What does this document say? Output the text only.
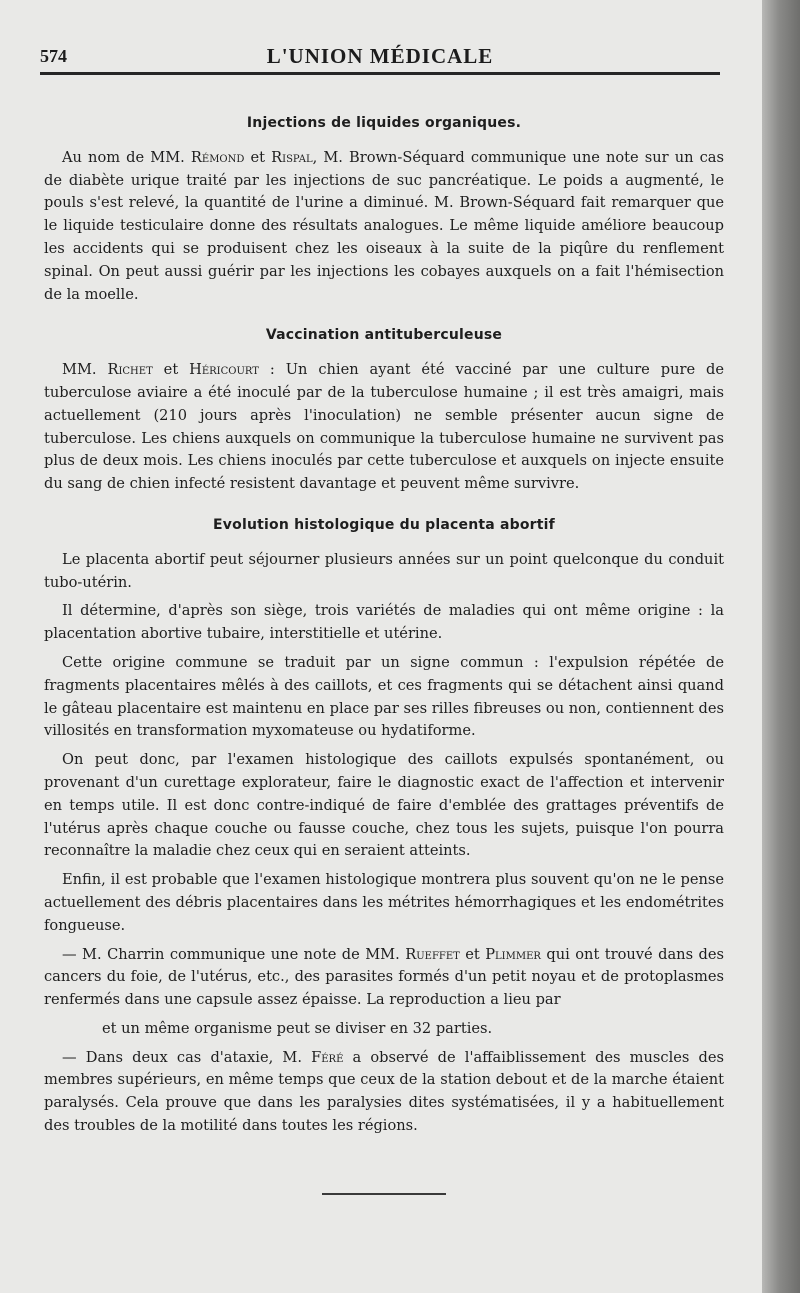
574	L'UNION MÉDICALE
Injections de liquides organiques.

Au nom de MM. Rémond et Rispal, M. Brown-Séquard communique une note sur un cas de diabète urique traité par les injections de suc pancréatique. Le poids a augmenté, le pouls s'est relevé, la quantité de l'urine a diminué. M. Brown-Séquard fait remarquer que le liquide testiculaire donne des résultats analogues. Le même liquide améliore beaucoup les accidents qui se produisent chez les oiseaux à la suite de la piqûre du renflement spinal. On peut aussi guérir par les injections les cobayes auxquels on a fait l'hémisection de la moelle.

Vaccination antituberculeuse

MM. Richet et Héricourt : Un chien ayant été vacciné par une culture pure de tuberculose aviaire a été inoculé par de la tuberculose humaine ; il est très amaigri, mais actuellement (210 jours après l'inoculation) ne semble présenter aucun signe de tuberculose. Les chiens auxquels on communique la tuberculose humaine ne survivent pas plus de deux mois. Les chiens inoculés par cette tuberculose et auxquels on injecte ensuite du sang de chien infecté resistent davantage et peuvent même survivre.

Evolution histologique du placenta abortif

Le placenta abortif peut séjourner plusieurs années sur un point quelconque du conduit tubo-utérin.

Il détermine, d'après son siège, trois variétés de maladies qui ont même origine : la placentation abortive tubaire, interstitielle et utérine.

Cette origine commune se traduit par un signe commun : l'expulsion répétée de fragments placentaires mêlés à des caillots, et ces fragments qui se détachent ainsi quand le gâteau placentaire est maintenu en place par ses rilles fibreuses ou non, contiennent des villosités en transformation myxomateuse ou hydatiforme.

On peut donc, par l'examen histologique des caillots expulsés spontanément, ou provenant d'un curettage explorateur, faire le diagnostic exact de l'affection et intervenir en temps utile. Il est donc contre-indiqué de faire d'emblée des grattages préventifs de l'utérus après chaque couche ou fausse couche, chez tous les sujets, puisque l'on pourra reconnaître la maladie chez ceux qui en seraient atteints.

Enfin, il est probable que l'examen histologique montrera plus souvent qu'on ne le pense actuellement des débris placentaires dans les métrites hémorrhagiques et les endométrites fongueuse.

— M. Charrin communique une note de MM. Rueffet et Plimmer qui ont trouvé dans des cancers du foie, de l'utérus, etc., des parasites formés d'un petit noyau et de protoplasmes renfermés dans une capsule assez épaisse. La reproduction a lieu par

et un même organisme peut se diviser en 32 parties.

— Dans deux cas d'ataxie, M. Féré a observé de l'affaiblissement des muscles des membres supérieurs, en même temps que ceux de la station debout et de la marche étaient paralysés. Cela prouve que dans les paralysies dites systématisées, il y a habituellement des troubles de la motilité dans toutes les régions.
